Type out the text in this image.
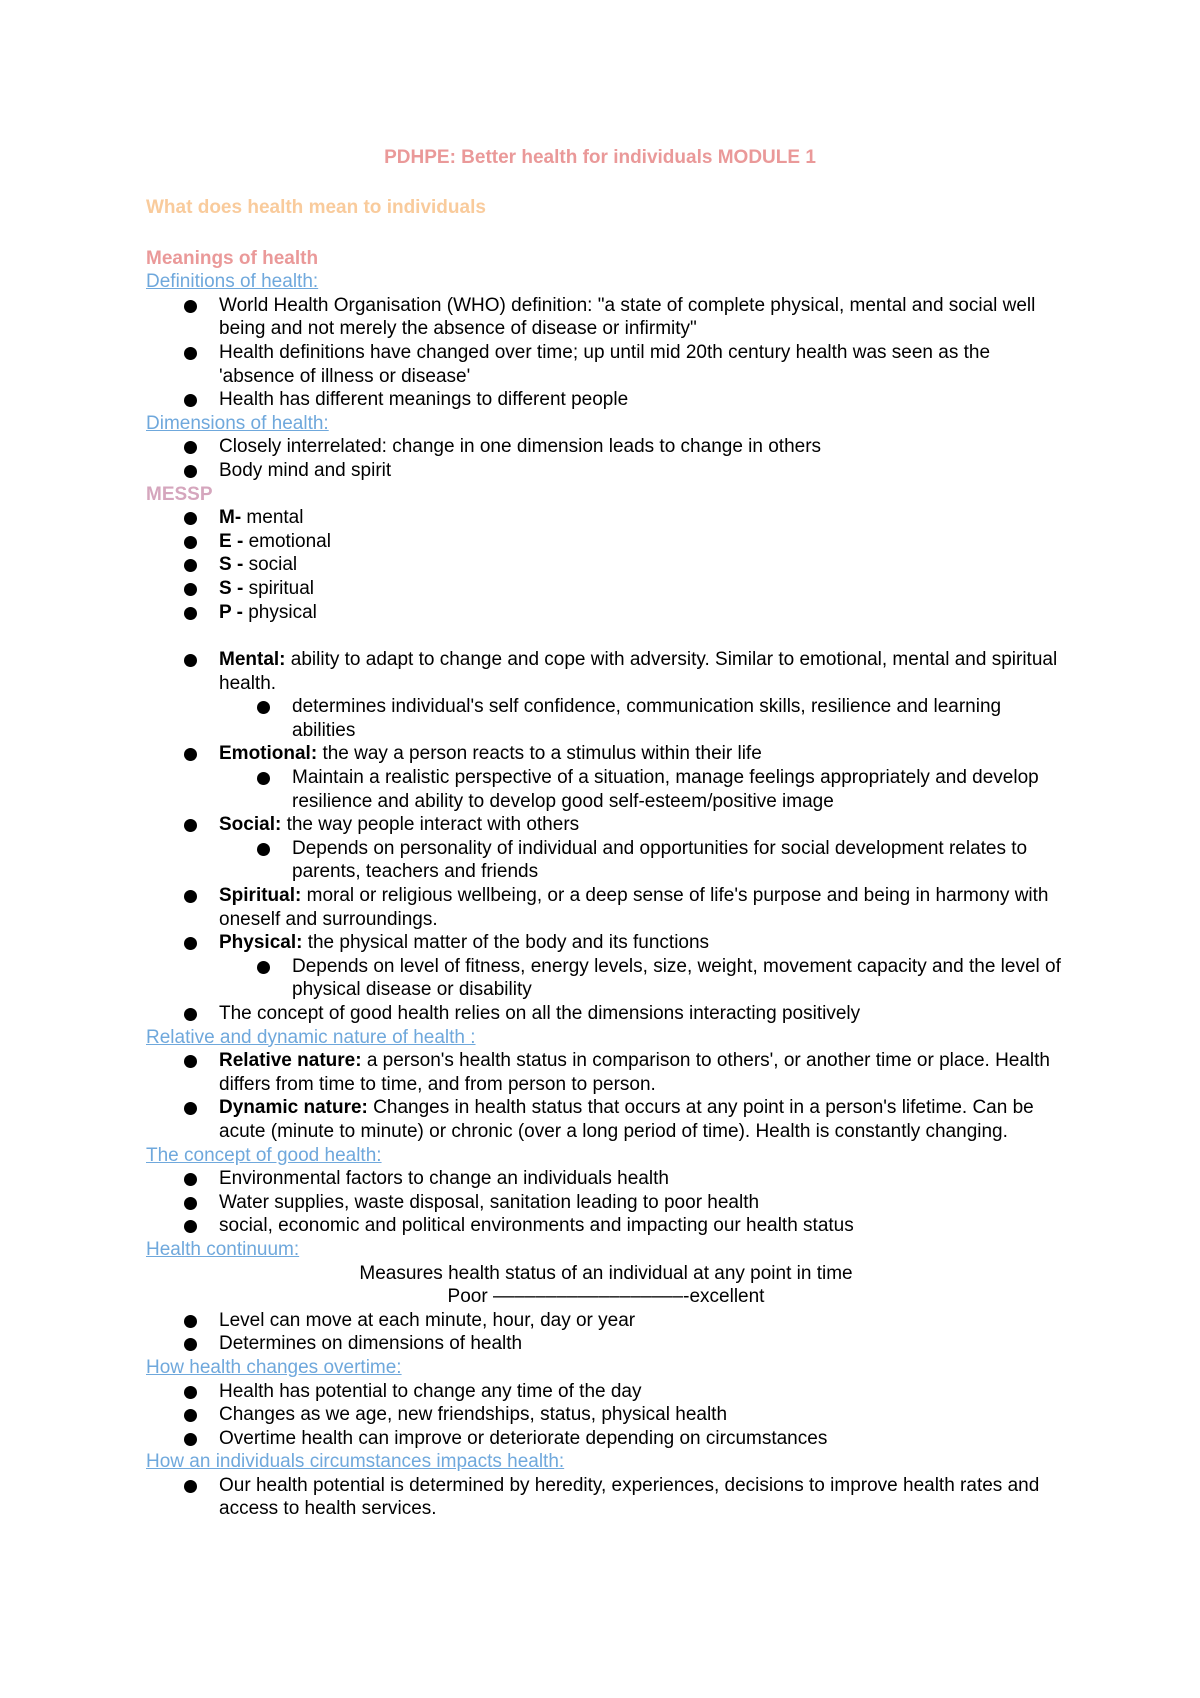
PDHPE: Better health for individuals MODULE 1
What does health mean to individuals
Meanings of health
Definitions of health:
World Health Organisation (WHO) definition: "a state of complete physical, mental and social well being and not merely the absence of disease or infirmity"
Health definitions have changed over time; up until mid 20th century health was seen as the 'absence of illness or disease'
Health has different meanings to different people
Dimensions of health:
Closely interrelated: change in one dimension leads to change in others
Body mind and spirit
MESSP
M- mental
E - emotional
S - social
S - spiritual
P - physical
Mental: ability to adapt to change and cope with adversity. Similar to emotional, mental and spiritual health.
determines individual's self confidence, communication skills, resilience and learning abilities
Emotional: the way a person reacts to a stimulus within their life
Maintain a realistic perspective of a situation, manage feelings appropriately and develop resilience and ability to develop good self-esteem/positive image
Social: the way people interact with others
Depends on personality of individual and opportunities for social development relates to parents, teachers and friends
Spiritual: moral or religious wellbeing, or a deep sense of life's purpose and being in harmony with oneself and surroundings.
Physical: the physical matter of the body and its functions
Depends on level of fitness, energy levels, size, weight, movement capacity and the level of physical disease or disability
The concept of good health relies on all the dimensions interacting positively
Relative and dynamic nature of health :
Relative nature: a person's health status in comparison to others', or another time or place. Health differs from time to time, and from person to person.
Dynamic nature: Changes in health status that occurs at any point in a person's lifetime. Can be acute (minute to minute) or chronic (over a long period of time). Health is constantly changing.
The concept of good health:
Environmental factors to change an individuals health
Water supplies, waste disposal, sanitation leading to poor health
social, economic and political environments and impacting our health status
Health continuum:
Measures health status of an individual at any point in time
Poor ––––––––––––––––––-excellent
Level can move at each minute, hour, day or year
Determines on dimensions of health
How health changes overtime:
Health has potential to change any time of the day
Changes as we age, new friendships, status, physical health
Overtime health can improve or deteriorate depending on circumstances
How an individuals circumstances impacts health:
Our health potential is determined by heredity, experiences, decisions to improve health rates and access to health services.
